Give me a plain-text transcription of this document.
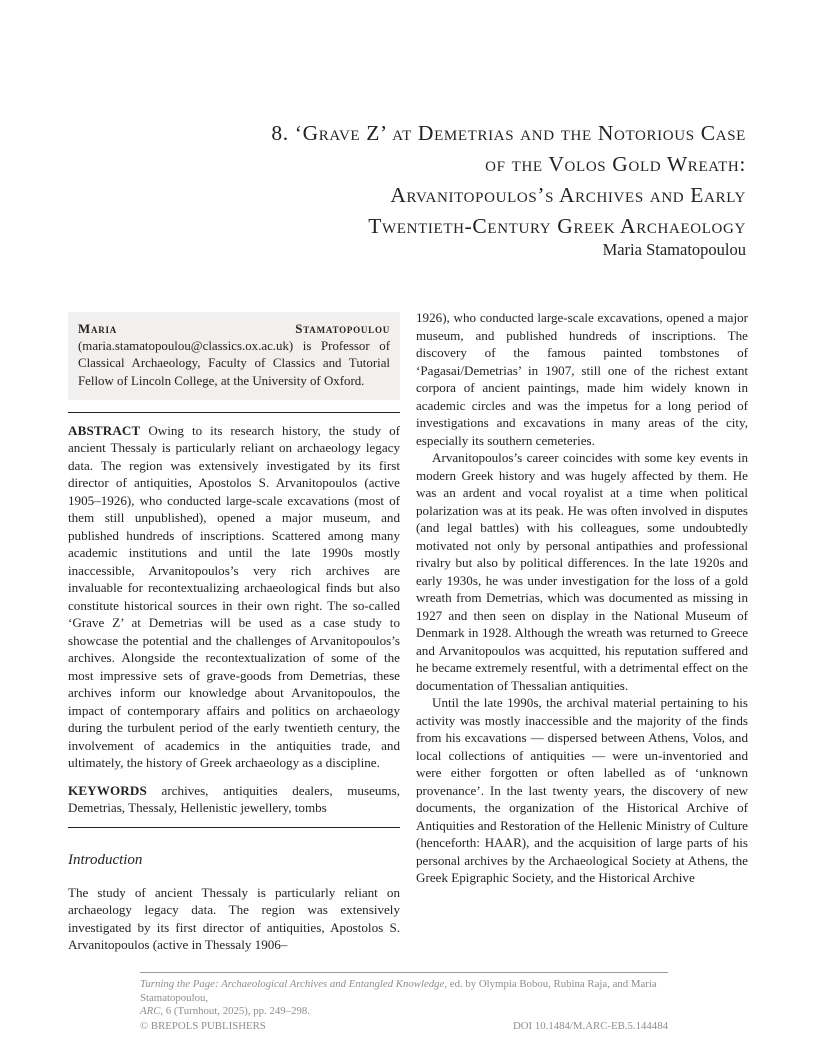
8. ‘Grave Z’ at Demetrias and the Notorious Case
of the Volos Gold Wreath:
Arvanitopoulos’s Archives and Early
Twentieth-Century Greek Archaeology
Maria Stamatopoulou
Maria Stamatopoulou (maria.stamatopoulou@classics.ox.ac.uk) is Professor of Classical Archaeology, Faculty of Classics and Tutorial Fellow of Lincoln College, at the University of Oxford.
ABSTRACT Owing to its research history, the study of ancient Thessaly is particularly reliant on archaeology legacy data. The region was extensively investigated by its first director of antiquities, Apostolos S. Arvanitopoulos (active 1905–1926), who conducted large-scale excavations (most of them still unpublished), opened a major museum, and published hundreds of inscriptions. Scattered among many academic institutions and until the late 1990s mostly inaccessible, Arvanitopoulos’s very rich archives are invaluable for recontextualizing archaeological finds but also constitute historical sources in their own right. The so-called ‘Grave Z’ at Demetrias will be used as a case study to showcase the potential and the challenges of Arvanitopoulos’s archives. Alongside the recontextualization of some of the most impressive sets of grave-goods from Demetrias, these archives inform our knowledge about Arvanitopoulos, the impact of contemporary affairs and politics on archaeology during the turbulent period of the early twentieth century, the involvement of academics in the antiquities trade, and ultimately, the history of Greek archaeology as a discipline.
KEYWORDS archives, antiquities dealers, museums, Demetrias, Thessaly, Hellenistic jewellery, tombs
Introduction
The study of ancient Thessaly is particularly reliant on archaeology legacy data. The region was extensively investigated by its first director of antiquities, Apostolos S. Arvanitopoulos (active in Thessaly 1906–

1926), who conducted large-scale excavations, opened a major museum, and published hundreds of inscriptions. The discovery of the famous painted tombstones of ‘Pagasai/Demetrias’ in 1907, still one of the richest extant corpora of ancient paintings, made him widely known in academic circles and was the impetus for a long period of investigations and excavations in many areas of the city, especially its southern cemeteries.

Arvanitopoulos’s career coincides with some key events in modern Greek history and was hugely affected by them. He was an ardent and vocal royalist at a time when political polarization was at its peak. He was often involved in disputes (and legal battles) with his colleagues, some undoubtedly motivated not only by personal antipathies and professional rivalry but also by political differences. In the late 1920s and early 1930s, he was under investigation for the loss of a gold wreath from Demetrias, which was documented as missing in 1927 and then seen on display in the National Museum of Denmark in 1928. Although the wreath was returned to Greece and Arvanitopoulos was acquitted, his reputation suffered and he became extremely resentful, with a detrimental effect on the documentation of Thessalian antiquities.

Until the late 1990s, the archival material pertaining to his activity was mostly inaccessible and the majority of the finds from his excavations — dispersed between Athens, Volos, and local collections of antiquities — were un-inventoried and were either forgotten or often labelled as of ‘unknown provenance’. In the last twenty years, the discovery of new documents, the organization of the Historical Archive of Antiquities and Restoration of the Hellenic Ministry of Culture (henceforth: HAAR), and the acquisition of large parts of his personal archives by the Archaeological Society at Athens, the Greek Epigraphic Society, and the Historical Archive

Turning the Page: Archaeological Archives and Entangled Knowledge, ed. by Olympia Bobou, Rubina Raja, and Maria Stamatopoulou,
ARC, 6 (Turnhout, 2025), pp. 249–298.
© BREPOLS PUBLISHERS	DOI 10.1484/M.ARC-EB.5.144484
